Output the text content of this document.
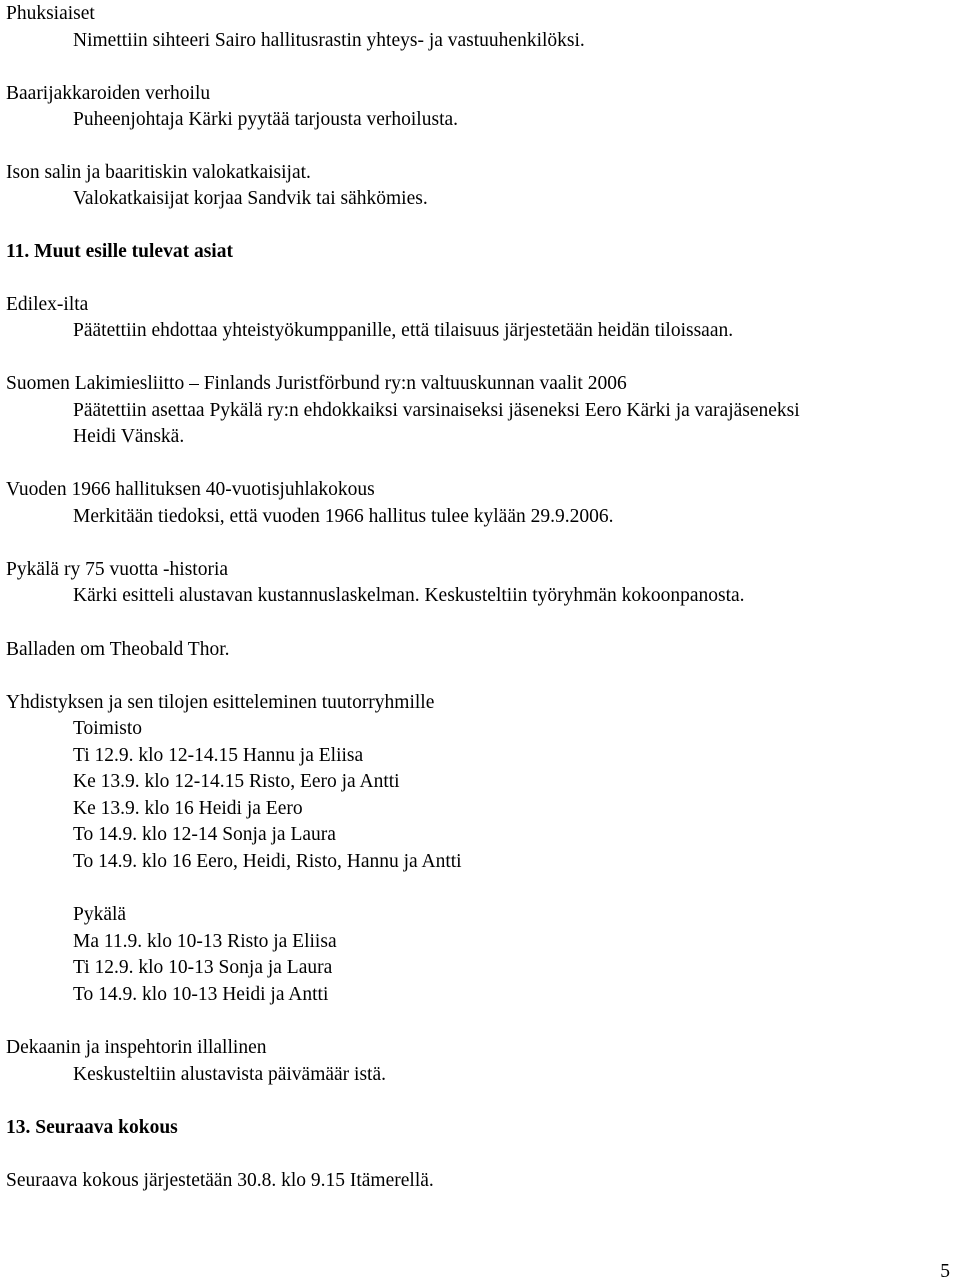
Phuksiaiset
Nimettiin sihteeri Sairo hallitusrastin yhteys- ja vastuuhenkilöksi.
Baarijakkaroiden verhoilu
Puheenjohtaja Kärki pyytää tarjousta verhoilusta.
Ison salin ja baaritiskin valokatkaisijat.
Valokatkaisijat korjaa Sandvik tai sähkömies.
11. Muut esille tulevat asiat
Edilex-ilta
Päätettiin ehdottaa yhteistyökumppanille, että tilaisuus järjestetään heidän tiloissaan.
Suomen Lakimiesliitto – Finlands Juristförbund ry:n valtuuskunnan vaalit 2006
Päätettiin asettaa Pykälä ry:n ehdokkaiksi varsinaiseksi jäseneksi Eero Kärki ja varajäseneksi
Heidi Vänskä.
Vuoden 1966 hallituksen 40-vuotisjuhlakokous
Merkitään tiedoksi, että vuoden 1966 hallitus tulee kylään 29.9.2006.
Pykälä ry 75 vuotta -historia
Kärki esitteli alustavan kustannuslaskelman. Keskusteltiin työryhmän kokoonpanosta.
Balladen om Theobald Thor.
Yhdistyksen ja sen tilojen esitteleminen tuutorryhmille
Toimisto
Ti 12.9. klo 12-14.15 Hannu ja Eliisa
Ke 13.9. klo 12-14.15 Risto, Eero ja Antti
Ke 13.9. klo 16 Heidi ja Eero
To 14.9. klo 12-14 Sonja ja Laura
To 14.9. klo 16 Eero, Heidi, Risto, Hannu ja Antti
Pykälä
Ma 11.9. klo 10-13 Risto ja Eliisa
Ti 12.9. klo 10-13 Sonja ja Laura
To 14.9. klo 10-13 Heidi ja Antti
Dekaanin ja inspehtorin illallinen
Keskusteltiin alustavista päivämäär istä.
13. Seuraava kokous
Seuraava kokous järjestetään 30.8. klo 9.15 Itämerellä.
5
